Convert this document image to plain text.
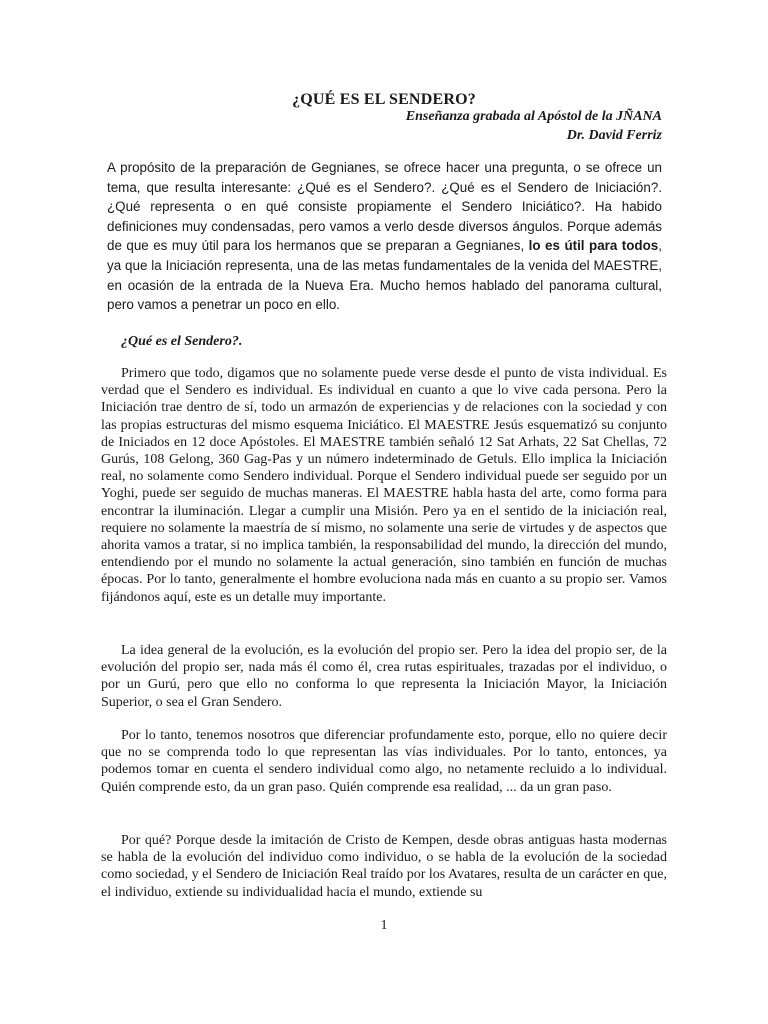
¿QUÉ ES EL SENDERO?
Enseñanza grabada al Apóstol de la JÑANA
Dr. David Ferriz
A propósito de la preparación de Gegnianes, se ofrece hacer una pregunta, o se ofrece un tema, que resulta interesante: ¿Qué es el Sendero?. ¿Qué es el Sendero de Iniciación?. ¿Qué representa o en qué consiste propiamente el Sendero Iniciático?. Ha habido definiciones muy condensadas, pero vamos a verlo desde diversos ángulos. Porque además de que es muy útil para los hermanos que se preparan a Gegnianes, lo es útil para todos, ya que la Iniciación representa, una de las metas fundamentales de la venida del MAESTRE, en ocasión de la entrada de la Nueva Era. Mucho hemos hablado del panorama cultural, pero vamos a penetrar un poco en ello.
¿Qué es el Sendero?.

Primero que todo, digamos que no solamente puede verse desde el punto de vista individual. Es verdad que el Sendero es individual. Es individual en cuanto a que lo vive cada persona. Pero la Iniciación trae dentro de sí, todo un armazón de experiencias y de relaciones con la sociedad y con las propias estructuras del mismo esquema Iniciático. El MAESTRE Jesús esquematizó su conjunto de Iniciados en 12 doce Apóstoles. El MAESTRE también señaló 12 Sat Arhats, 22 Sat Chellas, 72 Gurús, 108 Gelong, 360 Gag-Pas y un número indeterminado de Getuls. Ello implica la Iniciación real, no solamente como Sendero individual. Porque el Sendero individual puede ser seguido por un Yoghi, puede ser seguido de muchas maneras. El MAESTRE habla hasta del arte, como forma para encontrar la iluminación. Llegar a cumplir una Misión. Pero ya en el sentido de la iniciación real, requiere no solamente la maestría de sí mismo, no solamente una serie de virtudes y de aspectos que ahorita vamos a tratar, si no implica también, la responsabilidad del mundo, la dirección del mundo, entendiendo por el mundo no solamente la actual generación, sino también en función de muchas épocas. Por lo tanto, generalmente el hombre evoluciona nada más en cuanto a su propio ser. Vamos fijándonos aquí, este es un detalle muy importante.

La idea general de la evolución, es la evolución del propio ser. Pero la idea del propio ser, de la evolución del propio ser, nada más él como él, crea rutas espirituales, trazadas por el individuo, o por un Gurú, pero que ello no conforma lo que representa la Iniciación Mayor, la Iniciación Superior, o sea el Gran Sendero.

Por lo tanto, tenemos nosotros que diferenciar profundamente esto, porque, ello no quiere decir que no se comprenda todo lo que representan las vías individuales. Por lo tanto, entonces, ya podemos tomar en cuenta el sendero individual como algo, no netamente recluido a lo individual. Quién comprende esto, da un gran paso. Quién comprende esa realidad, ... da un gran paso.

Por qué? Porque desde la imitación de Cristo de Kempen, desde obras antiguas hasta modernas se habla de la evolución del individuo como individuo, o se habla de la evolución de la sociedad como sociedad, y el Sendero de Iniciación Real traído por los Avatares, resulta de un carácter en que, el individuo, extiende su individualidad hacia el mundo, extiende su

1
